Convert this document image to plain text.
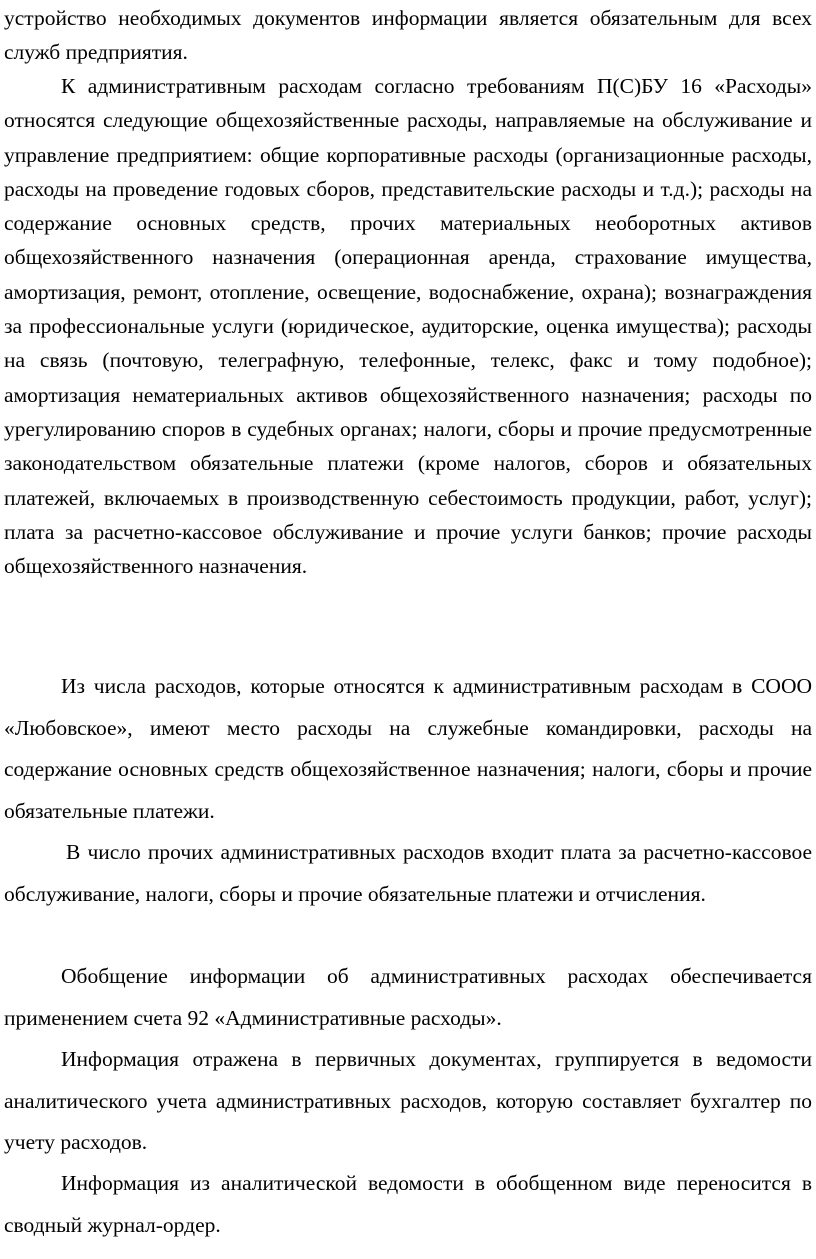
устройство необходимых документов информации является обязательным для всех служб предприятия.

К административным расходам согласно требованиям П(С)БУ 16 «Расходы» относятся следующие общехозяйственные расходы, направляемые на обслуживание и управление предприятием: общие корпоративные расходы (организационные расходы, расходы на проведение годовых сборов, представительские расходы и т.д.); расходы на содержание основных средств, прочих материальных необоротных активов общехозяйственного назначения (операционная аренда, страхование имущества, амортизация, ремонт, отопление, освещение, водоснабжение, охрана); вознаграждения за профессиональные услуги (юридическое, аудиторские, оценка имущества); расходы на связь (почтовую, телеграфную, телефонные, телекс, факс и тому подобное); амортизация нематериальных активов общехозяйственного назначения; расходы по урегулированию споров в судебных органах; налоги, сборы и прочие предусмотренные законодательством обязательные платежи (кроме налогов, сборов и обязательных платежей, включаемых в производственную себестоимость продукции, работ, услуг); плата за расчетно-кассовое обслуживание и прочие услуги банков; прочие расходы общехозяйственного назначения.

Из числа расходов, которые относятся к административным расходам в СООО «Любовское», имеют место расходы на служебные командировки, расходы на содержание основных средств общехозяйственное назначения; налоги, сборы и прочие обязательные платежи.

В число прочих административных расходов входит плата за расчетно-кассовое обслуживание, налоги, сборы и прочие обязательные платежи и отчисления.

Обобщение информации об административных расходах обеспечивается применением счета 92 «Административные расходы».

Информация отражена в первичных документах, группируется в ведомости аналитического учета административных расходов, которую составляет бухгалтер по учету расходов.

Информация из аналитической ведомости в обобщенном виде переносится в сводный журнал-ордер.
